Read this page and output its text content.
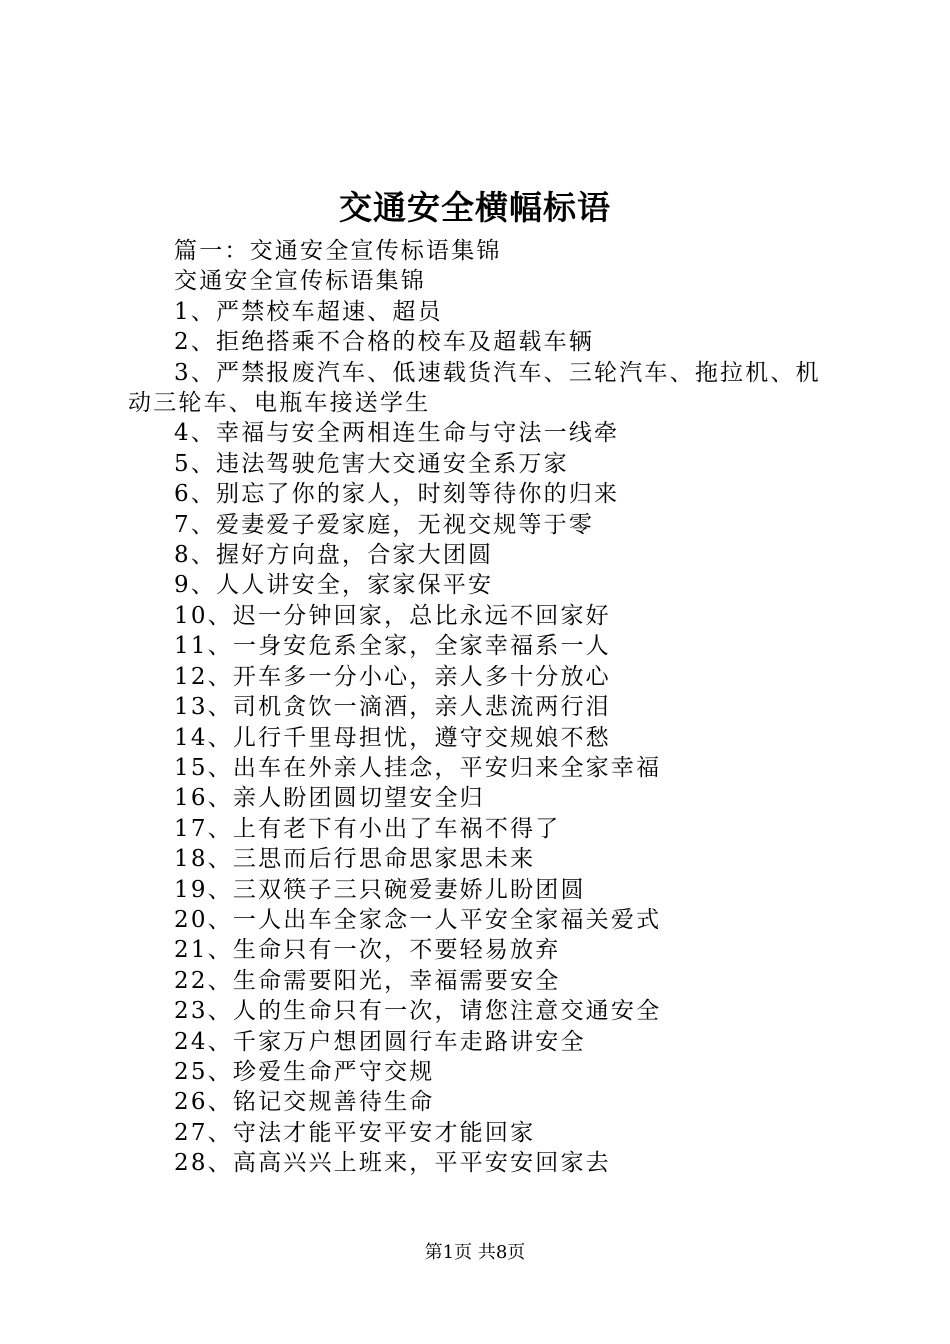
交通安全横幅标语

篇一：交通安全宣传标语集锦

交通安全宣传标语集锦

1、严禁校车超速、超员

2、拒绝搭乘不合格的校车及超载车辆

3、严禁报废汽车、低速载货汽车、三轮汽车、拖拉机、机动三轮车、电瓶车接送学生

4、幸福与安全两相连生命与守法一线牵

5、违法驾驶危害大交通安全系万家

6、别忘了你的家人，时刻等待你的归来

7、爱妻爱子爱家庭，无视交规等于零

8、握好方向盘，合家大团圆

9、人人讲安全，家家保平安

10、迟一分钟回家，总比永远不回家好

11、一身安危系全家，全家幸福系一人

12、开车多一分小心，亲人多十分放心

13、司机贪饮一滴酒，亲人悲流两行泪

14、儿行千里母担忧，遵守交规娘不愁

15、出车在外亲人挂念，平安归来全家幸福

16、亲人盼团圆切望安全归

17、上有老下有小出了车祸不得了

18、三思而后行思命思家思未来

19、三双筷子三只碗爱妻娇儿盼团圆

20、一人出车全家念一人平安全家福关爱式

21、生命只有一次，不要轻易放弃

22、生命需要阳光，幸福需要安全

23、人的生命只有一次，请您注意交通安全

24、千家万户想团圆行车走路讲安全

25、珍爱生命严守交规

26、铭记交规善待生命

27、守法才能平安平安才能回家

28、高高兴兴上班来，平平安安回家去

第1页 共8页
